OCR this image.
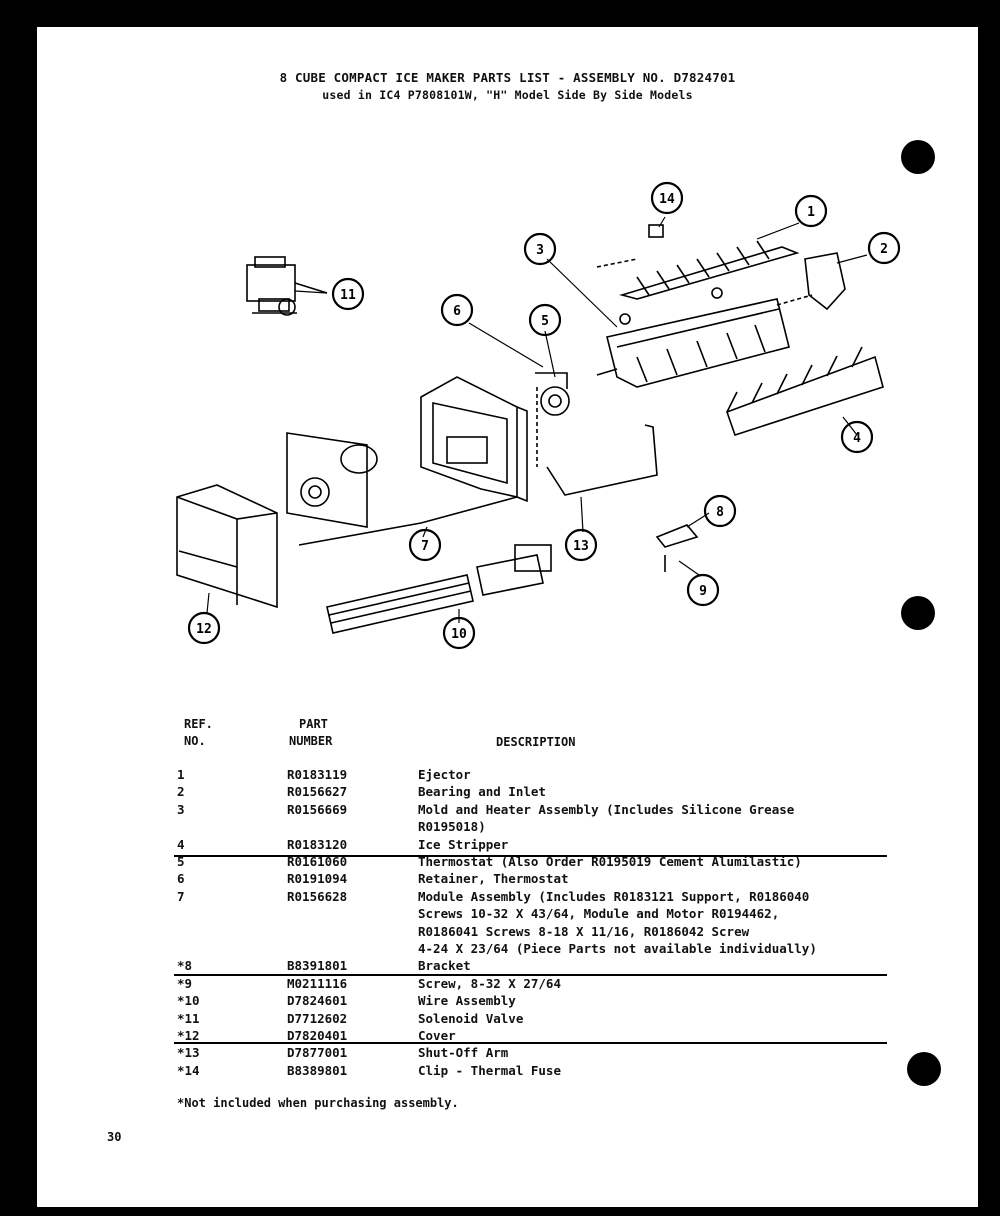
8 CUBE COMPACT ICE MAKER PARTS LIST - ASSEMBLY NO. D7824701
used in IC4 P7808101W, "H" Model Side By Side Models
1
2
3
4
5
6
7
8
9
10
11
12
13
14
REF.
NO.
PART
NUMBER	DESCRIPTION
1	R0183119	Ejector
2	R0156627	Bearing and Inlet
3	R0156669	Mold and Heater Assembly (Includes Silicone Grease
R0195018)
4	R0183120	Ice Stripper
5	R0161060	Thermostat (Also Order R0195019 Cement Alumilastic)
6	R0191094	Retainer, Thermostat
7	R0156628	Module Assembly (Includes R0183121 Support, R0186040
Screws 10-32 X 43/64, Module and Motor R0194462,
R0186041 Screws 8-18 X 11/16, R0186042 Screw
4-24 X 23/64 (Piece Parts not available individually)
*8	B8391801	Bracket
*9	M0211116	Screw, 8-32 X 27/64
*10	D7824601	Wire Assembly
*11	D7712602	Solenoid Valve
*12	D7820401	Cover
*13	D7877001	Shut-Off Arm
*14	B8389801	Clip - Thermal Fuse
*Not included when purchasing assembly.
30
